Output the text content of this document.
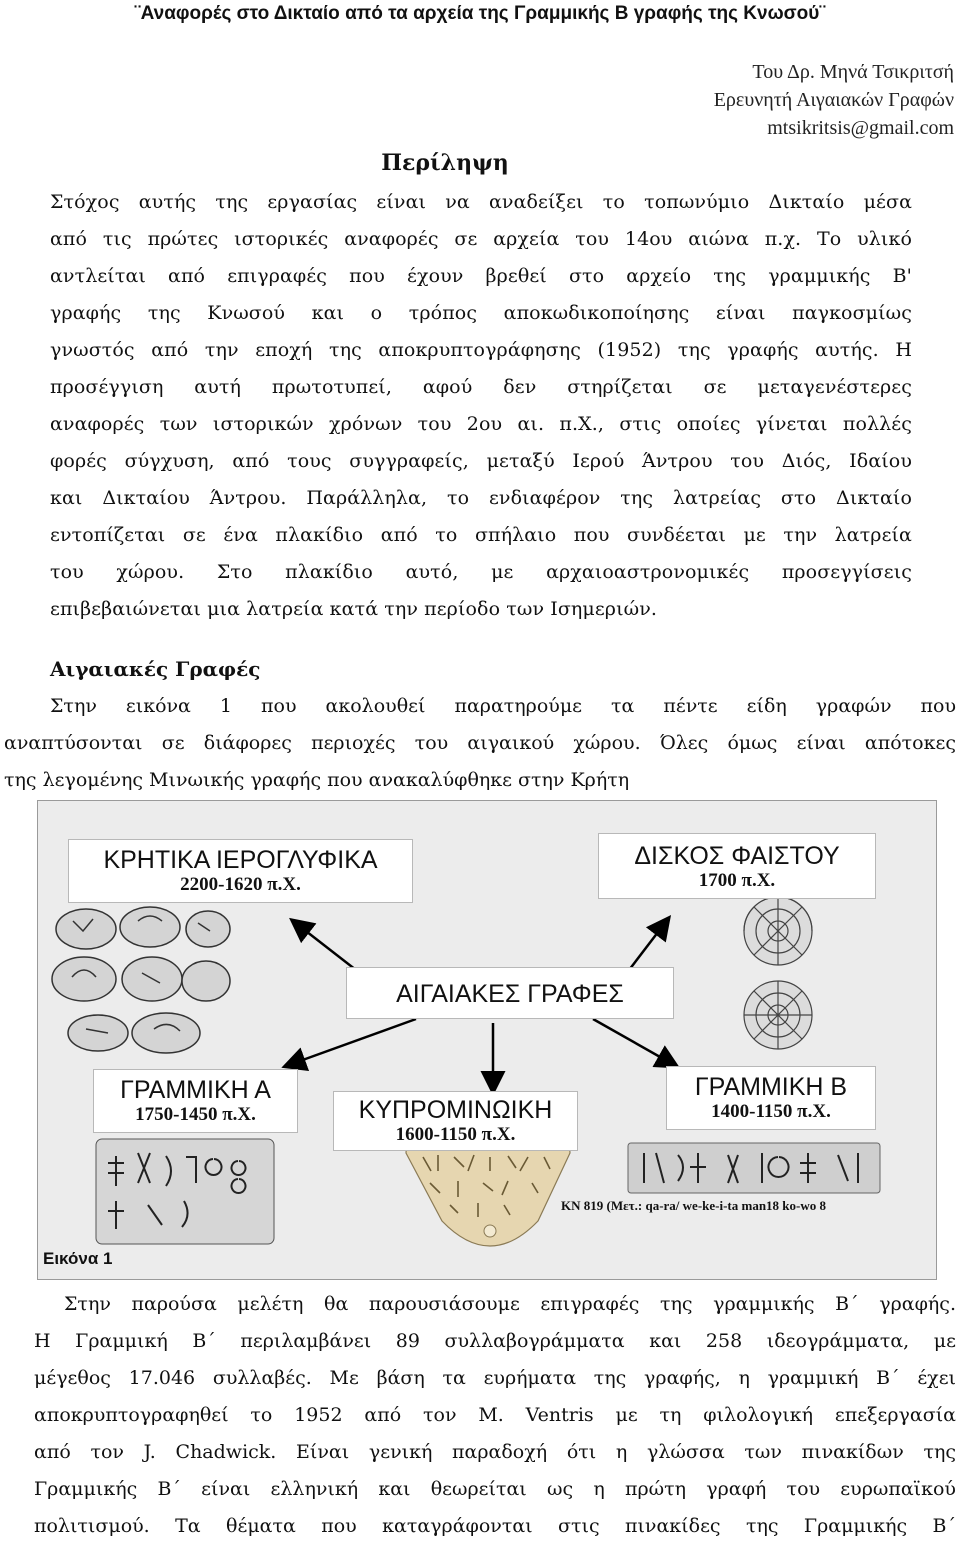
¨Αναφορές στο Δικταίο από τα αρχεία της Γραμμικής Β γραφής της Κνωσού¨
Του Δρ. Μηνά Τσικριτσή
Ερευνητή Αιγαιακών Γραφών
mtsikritsis@gmail.com
Περίληψη
Στόχος αυτής της εργασίας είναι να αναδείξει το τοπωνύμιο Δικταίο μέσα
από τις πρώτες ιστορικές αναφορές σε αρχεία του 14ου αιώνα π.χ. Το υλικό
αντλείται από επιγραφές που έχουν βρεθεί στο αρχείο της γραμμικής Β'
γραφής της Κνωσού και ο τρόπος αποκωδικοποίησης είναι παγκοσμίως
γνωστός από την εποχή της αποκρυπτογράφησης (1952) της γραφής αυτής. Η
προσέγγιση αυτή πρωτοτυπεί, αφού δεν στηρίζεται σε μεταγενέστερες
αναφορές των ιστορικών χρόνων του 2ου αι. π.Χ., στις οποίες γίνεται πολλές
φορές σύγχυση, από τους συγγραφείς, μεταξύ Ιερού Άντρου του Διός, Ιδαίου
και Δικταίου Άντρου. Παράλληλα, το ενδιαφέρον της λατρείας στο Δικταίο
εντοπίζεται σε ένα πλακίδιο από το σπήλαιο που συνδέεται με την λατρεία
του χώρου. Στο πλακίδιο αυτό, με αρχαιοαστρονομικές προσεγγίσεις
επιβεβαιώνεται μια λατρεία κατά την περίοδο των Ισημεριών.
Αιγαιακές Γραφές
Στην εικόνα 1 που ακολουθεί παρατηρούμε τα πέντε είδη γραφών που
αναπτύσονται σε διάφορες περιοχές του αιγαικού χώρου. Όλες όμως είναι απότοκες
της λεγομένης Μινωικής γραφής που ανακαλύφθηκε στην Κρήτη
ΚΡΗΤΙΚΑ ΙΕΡΟΓΛΥΦΙΚΑ
2200-1620 π.Χ.
ΔΙΣΚΟΣ ΦΑΙΣΤΟΥ
1700 π.Χ.
ΑΙΓΑΙΑΚΕΣ ΓΡΑΦΕΣ
ΓΡΑΜΜΙΚΗ Α
1750-1450 π.Χ.	ΚΥΠΡΟΜΙΝΩΙΚΗ
1600-1150 π.Χ.
ΓΡΑΜΜΙΚΗ Β
1400-1150 π.Χ.
KN 819 (Μετ.: qa-ra/ we-ke-i-ta man18 ko-wo 8
Εικόνα 1
Στην παρούσα μελέτη θα παρουσιάσουμε επιγραφές της γραμμικής Β΄ γραφής.
Η Γραμμική Β΄ περιλαμβάνει 89 συλλαβογράμματα και 258 ιδεογράμματα, με
μέγεθος 17.046 συλλαβές. Με βάση τα ευρήματα της γραφής, η γραμμική Β΄ έχει
αποκρυπτογραφηθεί το 1952 από τον M. Ventris με τη φιλολογική επεξεργασία
από τον J. Chadwick. Είναι γενική παραδοχή ότι η γλώσσα των πινακίδων της
Γραμμικής Β΄ είναι ελληνική και θεωρείται ως η πρώτη γραφή του ευρωπαϊκού
πολιτισμού. Τα θέματα που καταγράφονται στις πινακίδες της Γραμμικής Β΄
